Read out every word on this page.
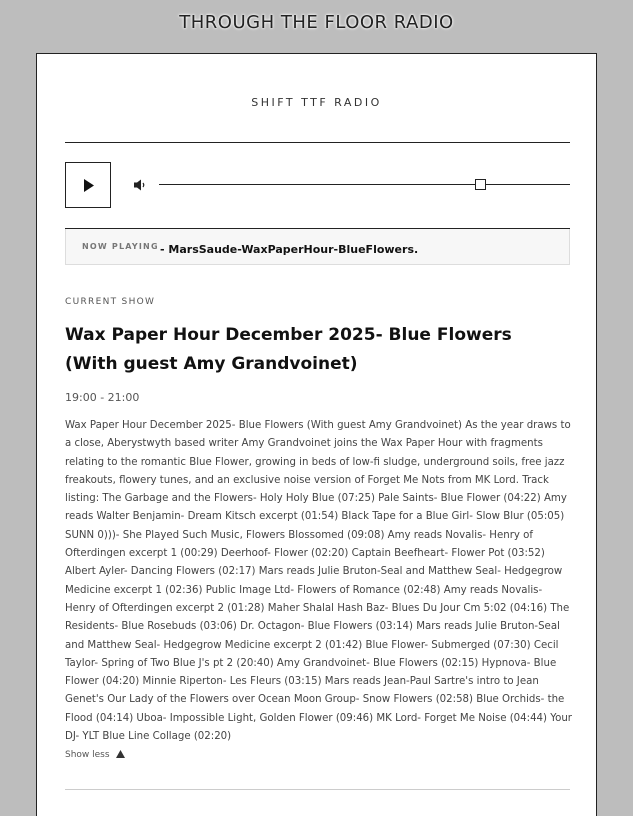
THROUGH THE FLOOR RADIO
SHIFT TTF RADIO
NOW PLAYING - MarsSaude-WaxPaperHour-BlueFlowers.
CURRENT SHOW
Wax Paper Hour December 2025- Blue Flowers (With guest Amy Grandvoinet)
19:00 - 21:00
Wax Paper Hour December 2025- Blue Flowers (With guest Amy Grandvoinet) As the year draws to a close, Aberystwyth based writer Amy Grandvoinet joins the Wax Paper Hour with fragments relating to the romantic Blue Flower, growing in beds of low-fi sludge, underground soils, free jazz freakouts, flowery tunes, and an exclusive noise version of Forget Me Nots from MK Lord. Track listing: The Garbage and the Flowers- Holy Holy Blue (07:25) Pale Saints- Blue Flower (04:22) Amy reads Walter Benjamin- Dream Kitsch excerpt (01:54) Black Tape for a Blue Girl- Slow Blur (05:05) SUNN 0)))- She Played Such Music, Flowers Blossomed (09:08) Amy reads Novalis- Henry of Ofterdingen excerpt 1 (00:29) Deerhoof- Flower (02:20) Captain Beefheart- Flower Pot (03:52) Albert Ayler- Dancing Flowers (02:17) Mars reads Julie Bruton-Seal and Matthew Seal- Hedgegrow Medicine excerpt 1 (02:36) Public Image Ltd- Flowers of Romance (02:48) Amy reads Novalis- Henry of Ofterdingen excerpt 2 (01:28) Maher Shalal Hash Baz- Blues Du Jour Cm 5:02 (04:16) The Residents- Blue Rosebuds (03:06) Dr. Octagon- Blue Flowers (03:14) Mars reads Julie Bruton-Seal and Matthew Seal- Hedgegrow Medicine excerpt 2 (01:42) Blue Flower- Submerged (07:30) Cecil Taylor- Spring of Two Blue J's pt 2 (20:40) Amy Grandvoinet- Blue Flowers (02:15) Hypnova- Blue Flower (04:20) Minnie Riperton- Les Fleurs (03:15) Mars reads Jean-Paul Sartre's intro to Jean Genet's Our Lady of the Flowers over Ocean Moon Group- Snow Flowers (02:58) Blue Orchids- the Flood (04:14) Uboa- Impossible Light, Golden Flower (09:46) MK Lord- Forget Me Noise (04:44) Your DJ- YLT Blue Line Collage (02:20)
Show less
